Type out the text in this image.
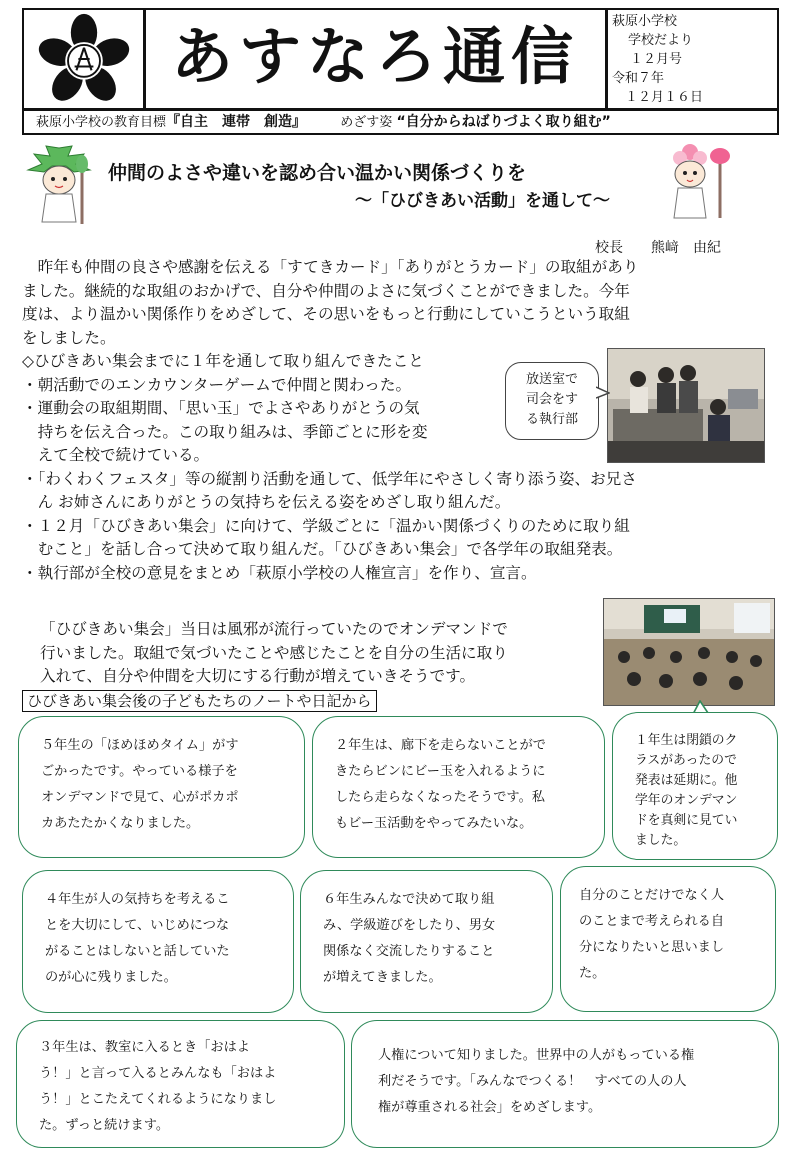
あすなろ通信	萩原小学校
学校だより
１２月号
令和７年
１２月１６日
萩原小学校の教育目標『自主　連帯　創造』	めざす姿 “自分からねばりづよく取り組む”
仲間のよさや違いを認め合い温かい関係づくりを
～「ひびきあい活動」を通して～
校長　　熊﨑　由紀
　昨年も仲間の良さや感謝を伝える「すてきカード」「ありがとうカード」の取組があり
ました。継続的な取組のおかげで、自分や仲間のよさに気づくことができました。今年
度は、より温かい関係作りをめざして、その思いをもっと行動にしていこうという取組
をしました。
◇ひびきあい集会までに１年を通して取り組んできたこと
・朝活動でのエンカウンターゲームで仲間と関わった。
・運動会の取組期間、「思い玉」でよさやありがとうの気
　持ちを伝え合った。この取り組みは、季節ごとに形を変
　えて全校で続けている。
・「わくわくフェスタ」等の縦割り活動を通して、低学年にやさしく寄り添う姿、お兄さ
　ん お姉さんにありがとうの気持ちを伝える姿をめざし取り組んだ。
・１２月「ひびきあい集会」に向けて、学級ごとに「温かい関係づくりのために取り組
　むこと」を話し合って決めて取り組んだ。「ひびきあい集会」で各学年の取組発表。
・執行部が全校の意見をまとめ「萩原小学校の人権宣言」を作り、宣言。
放送室で
司会をす
る執行部
「ひびきあい集会」当日は風邪が流行っていたのでオンデマンドで
行いました。取組で気づいたことや感じたことを自分の生活に取り
入れて、自分や仲間を大切にする行動が増えていきそうです。
ひびきあい集会後の子どもたちのノートや日記から
５年生の「ほめほめタイム」がす
ごかったです。やっている様子を
オンデマンドで見て、心がポカポ
カあたたかくなりました。
２年生は、廊下を走らないことがで
きたらビンにビー玉を入れるように
したら走らなくなったそうです。私
もビー玉活動をやってみたいな。
１年生は閉鎖のク
ラスがあったので
発表は延期に。他
学年のオンデマン
ドを真剣に見てい
ました。
４年生が人の気持ちを考えるこ
とを大切にして、いじめにつな
がることはしないと話していた
のが心に残りました。
６年生みんなで決めて取り組
み、学級遊びをしたり、男女
関係なく交流したりすること
が増えてきました。
自分のことだけでなく人
のことまで考えられる自
分になりたいと思いまし
た。
３年生は、教室に入るとき「おはよ
う！」と言って入るとみんなも「おはよ
う！」とこたえてくれるようになりまし
た。ずっと続けます。
人権について知りました。世界中の人がもっている権
利だそうです。「みんなでつくる！　すべての人の人
権が尊重される社会」をめざします。
